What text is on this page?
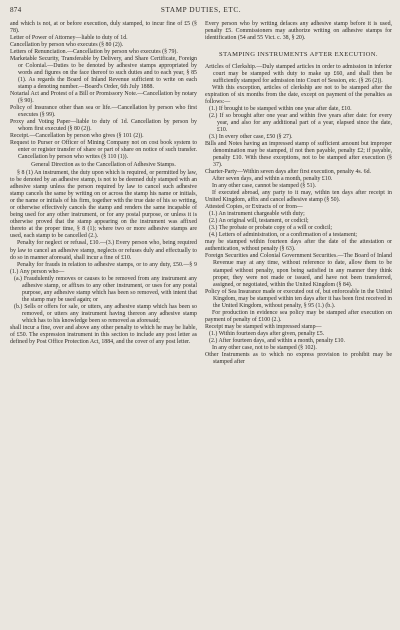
874	STAMP DUTIES, ETC.

and which is not, at or before execution, duly stamped, to incur fine of £5 (§ 78).

Letter of Power of Attorney—liable to duty of 1d.

Cancellation by person who executes (§ 80 (2)).

Letters of Renunciation.—Cancellation by person who executes (§ 79).

Marketable Security, Transferable by Delivery, and Share Certificate, Foreign or Colonial.—Duties to be denoted by adhesive stamps appropriated by words and figures on the face thereof to such duties and to each year, § 85 (1). As regards the Board of Inland Revenue sufficient to write on each stamp a denoting number.—Board's Order, 6th July 1888.

Notarial Act and Protest of a Bill or Promissory Note.—Cancellation by notary (§ 90).

Policy of Insurance other than sea or life.—Cancellation by person who first executes (§ 99).

Proxy and Voting Paper—liable to duty of 1d. Cancellation by person by whom first executed (§ 80 (2)).

Receipt.—Cancellation by person who gives (§ 101 (2)).

Request to Purser or Officer of Mining Company not on cost book system to enter or register transfer of share or part of share on notice of such transfer. Cancellation by person who writes (§ 110 (1)).

General Direction as to the Cancellation of Adhesive Stamps.

§ 8 (1) An instrument, the duty upon which is required, or permitted by law, to be denoted by an adhesive stamp, is not to be deemed duly stamped with an adhesive stamp unless the person required by law to cancel such adhesive stamp cancels the same by writing on or across the stamp his name or initials, or the name or initials of his firm, together with the true date of his so writing, or otherwise effectively cancels the stamp and renders the same incapable of being used for any other instrument, or for any postal purpose, or unless it is otherwise proved that the stamp appearing on the instrument was affixed thereto at the proper time, § 8 (1); where two or more adhesive stamps are used, each stamp to be cancelled (2.).

Penalty for neglect or refusal, £10.—(3.) Every person who, being required by law to cancel an adhesive stamp, neglects or refuses duly and effectually to do so in manner aforesaid, shall incur a fine of £10.

Penalty for frauds in relation to adhesive stamps, or to any duty, £50.—§ 9 (1.) Any person who—

(a.) Fraudulently removes or causes to be removed from any instrument any adhesive stamp, or affixes to any other instrument, or uses for any postal purpose, any adhesive stamp which has been so removed, with intent that the stamp may be used again; or

(b.) Sells or offers for sale, or utters, any adhesive stamp which has been so removed, or utters any instrument having thereon any adhesive stamp which has to his knowledge been so removed as aforesaid;

shall incur a fine, over and above any other penalty to which he may be liable, of £50. The expression instrument in this section to include any post letter as defined by Post Office Protection Act, 1884, and the cover of any post letter.

Every person who by writing defaces any adhesive stamp before it is used, penalty £5. Commissioners may authorize writing on adhesive stamps for identification (54 and 55 Vict. c. 38, § 20).

STAMPING INSTRUMENTS AFTER EXECUTION.

Articles of Clerkship.—Duly stamped articles in order to admission in inferior court may be stamped with duty to make up £60, and shall then be sufficiently stamped for admission into Court of Session, etc. (§ 26 (2)).

With this exception, articles of clerkship are not to be stamped after the expiration of six months from the date, except on payment of the penalties as follows:—

(1.) If brought to be stamped within one year after date, £10.

(2.) If so brought after one year and within five years after date: for every year, and also for any additional part of a year, elapsed since the date, £10.

(3.) In every other case, £50 (§ 27).

Bills and Notes having an impressed stamp of sufficient amount but improper denomination may be stamped, if not then payable, penalty £2; if payable, penalty £10. With these exceptions, not to be stamped after execution (§ 37).

Charter-Party—Within seven days after first execution, penalty 4s. 6d.

After seven days, and within a month, penalty £10.

In any other case, cannot be stamped (§ 51).

If executed abroad, any party to it may, within ten days after receipt in United Kingdom, affix and cancel adhesive stamp (§ 50).

Attested Copies, or Extracts of or from—

(1.) An instrument chargeable with duty;

(2.) An original will, testament, or codicil;

(3.) The probate or probate copy of a will or codicil;

(4.) Letters of administration, or a confirmation of a testament;

may be stamped within fourteen days after the date of the attestation or authentication, without penalty (§ 63).

Foreign Securities and Colonial Government Securities.—The Board of Inland Revenue may at any time, without reference to date, allow them to be stamped without penalty, upon being satisfied in any manner they think proper, they were not made or issued, and have not been transferred, assigned, or negotiated, within the United Kingdom (§ 84).

Policy of Sea Insurance made or executed out of, but enforceable in the United Kingdom, may be stamped within ten days after it has been first received in the United Kingdom, without penalty, § 95 (1.) (b.).

For production in evidence sea policy may be stamped after execution on payment of penalty of £100 (2.).

Receipt may be stamped with impressed stamp—

(1.) Within fourteen days after given, penalty £5.

(2.) After fourteen days, and within a month, penalty £10.

In any other case, not to be stamped (§ 102).

Other Instruments as to which no express provision to prohibit may be stamped after
